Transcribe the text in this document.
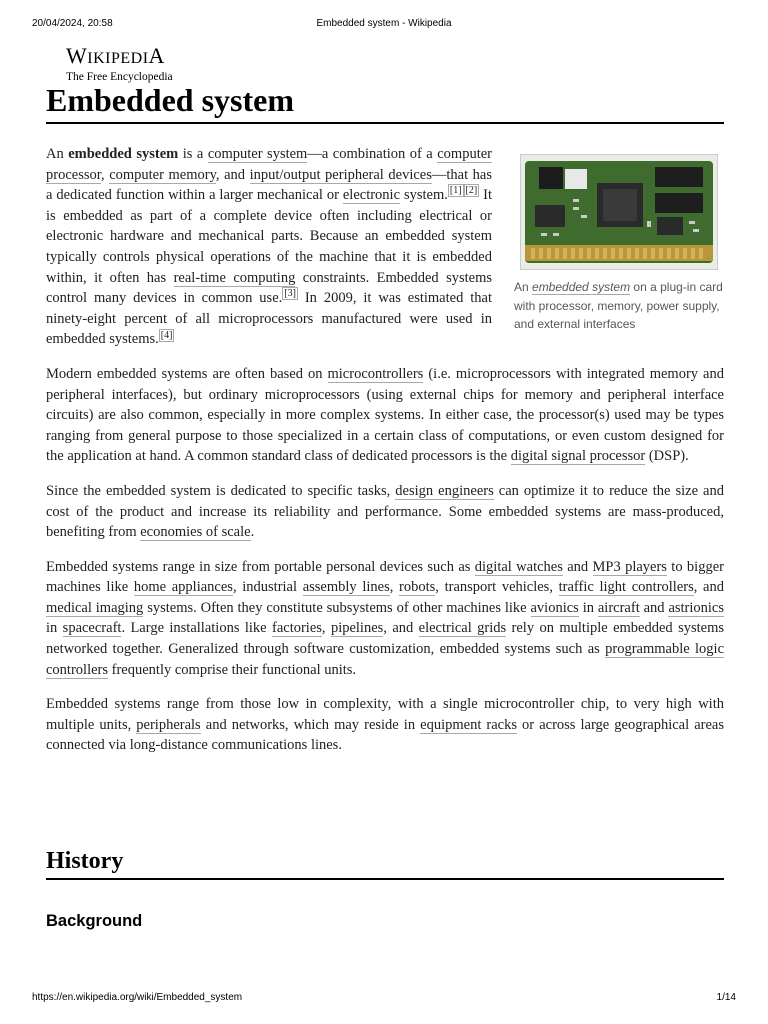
20/04/2024, 20:58	Embedded system - Wikipedia
WIKIPEDIA
The Free Encyclopedia
Embedded system
An embedded system on a plug-in card with processor, memory, power supply, and external interfaces

An embedded system is a computer system—a combination of a computer processor, computer memory, and input/output peripheral devices—that has a dedicated function within a larger mechanical or electronic system. [1] [2] It is embedded as part of a complete device often including electrical or electronic hardware and mechanical parts. Because an embedded system typically controls physical operations of the machine that it is embedded within, it often has real-time computing constraints. Embedded systems control many devices in common use. [3] In 2009, it was estimated that ninety-eight percent of all microprocessors manufactured were used in embedded systems. [4]

Modern embedded systems are often based on microcontrollers (i.e. microprocessors with integrated memory and peripheral interfaces), but ordinary microprocessors (using external chips for memory and peripheral interface circuits) are also common, especially in more complex systems. In either case, the processor(s) used may be types ranging from general purpose to those specialized in a certain class of computations, or even custom designed for the application at hand. A common standard class of dedicated processors is the digital signal processor (DSP).

Since the embedded system is dedicated to specific tasks, design engineers can optimize it to reduce the size and cost of the product and increase its reliability and performance. Some embedded systems are mass-produced, benefiting from economies of scale.

Embedded systems range in size from portable personal devices such as digital watches and MP3 players to bigger machines like home appliances, industrial assembly lines, robots, transport vehicles, traffic light controllers, and medical imaging systems. Often they constitute subsystems of other machines like avionics in aircraft and astrionics in spacecraft. Large installations like factories, pipelines, and electrical grids rely on multiple embedded systems networked together. Generalized through software customization, embedded systems such as programmable logic controllers frequently comprise their functional units.

Embedded systems range from those low in complexity, with a single microcontroller chip, to very high with multiple units, peripherals and networks, which may reside in equipment racks or across large geographical areas connected via long-distance communications lines.

History
Background
https://en.wikipedia.org/wiki/Embedded_system	1/14
